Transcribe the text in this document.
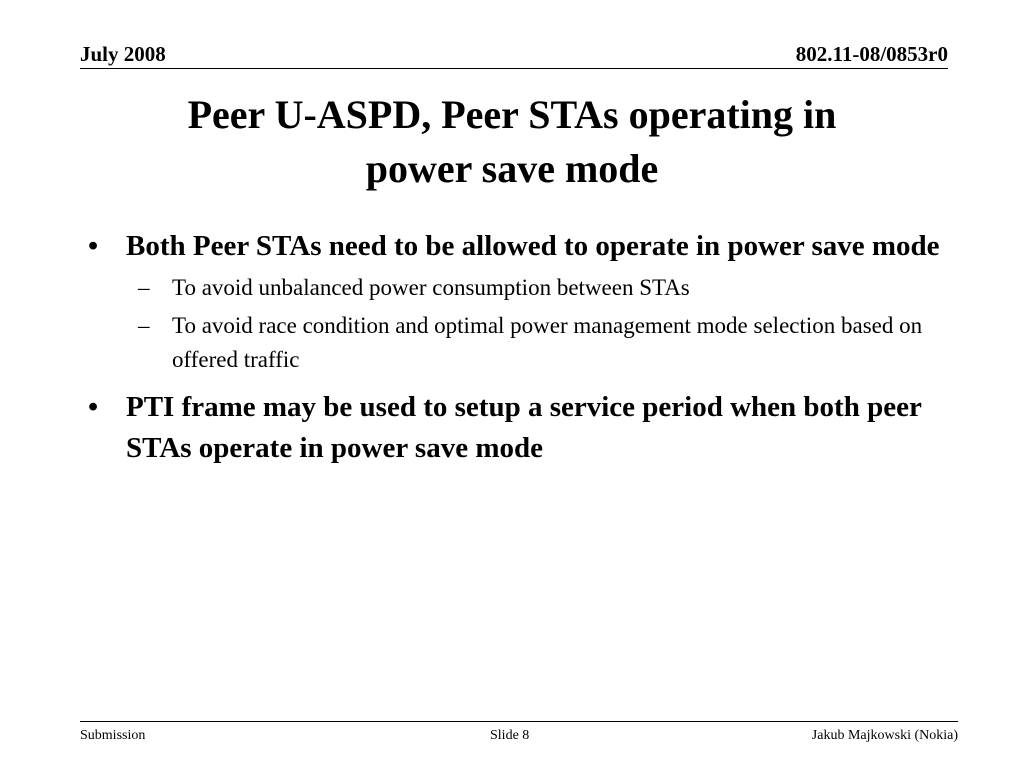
July 2008	802.11-08/0853r0
Peer U-ASPD, Peer STAs operating in
power save mode
• Both Peer STAs need to be allowed to operate in power save mode
– To avoid unbalanced power consumption between STAs
– To avoid race condition and optimal power management mode selection based on offered traffic
• PTI frame may be used to setup a service period when both peer STAs operate in power save mode
Submission	Slide 8	Jakub Majkowski (Nokia)
